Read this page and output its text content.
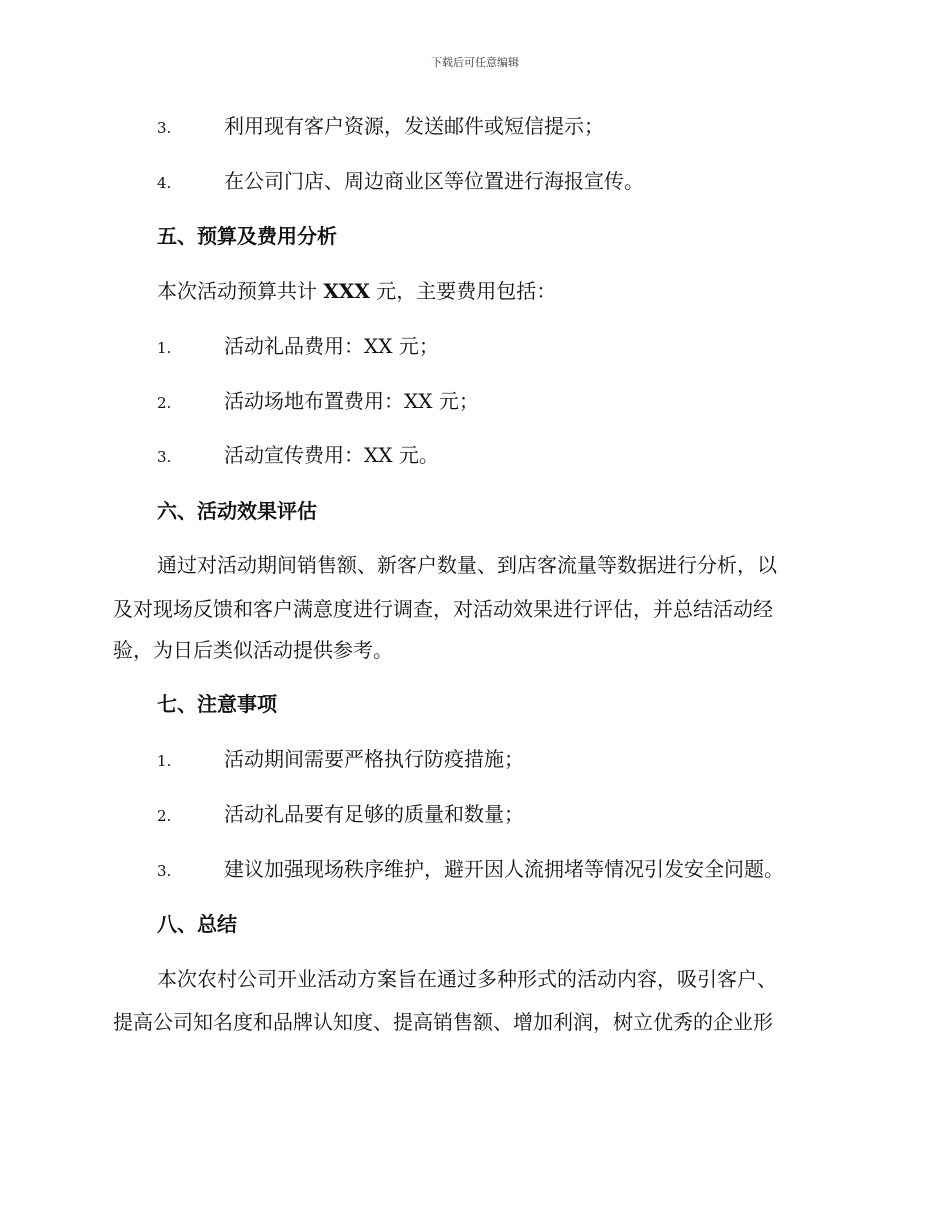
下载后可任意编辑
3.	利用现有客户资源，发送邮件或短信提示；
4.	在公司门店、周边商业区等位置进行海报宣传。
五、预算及费用分析
本次活动预算共计 XXX 元，主要费用包括：
1.	活动礼品费用：XX 元；
2.	活动场地布置费用：XX 元；
3.	活动宣传费用：XX 元。
六、活动效果评估
通过对活动期间销售额、新客户数量、到店客流量等数据进行分析，以
及对现场反馈和客户满意度进行调查，对活动效果进行评估，并总结活动经
验，为日后类似活动提供参考。
七、注意事项
1.	活动期间需要严格执行防疫措施；
2.	活动礼品要有足够的质量和数量；
3.	建议加强现场秩序维护，避开因人流拥堵等情况引发安全问题。
八、总结
本次农村公司开业活动方案旨在通过多种形式的活动内容，吸引客户、
提高公司知名度和品牌认知度、提高销售额、增加利润，树立优秀的企业形
